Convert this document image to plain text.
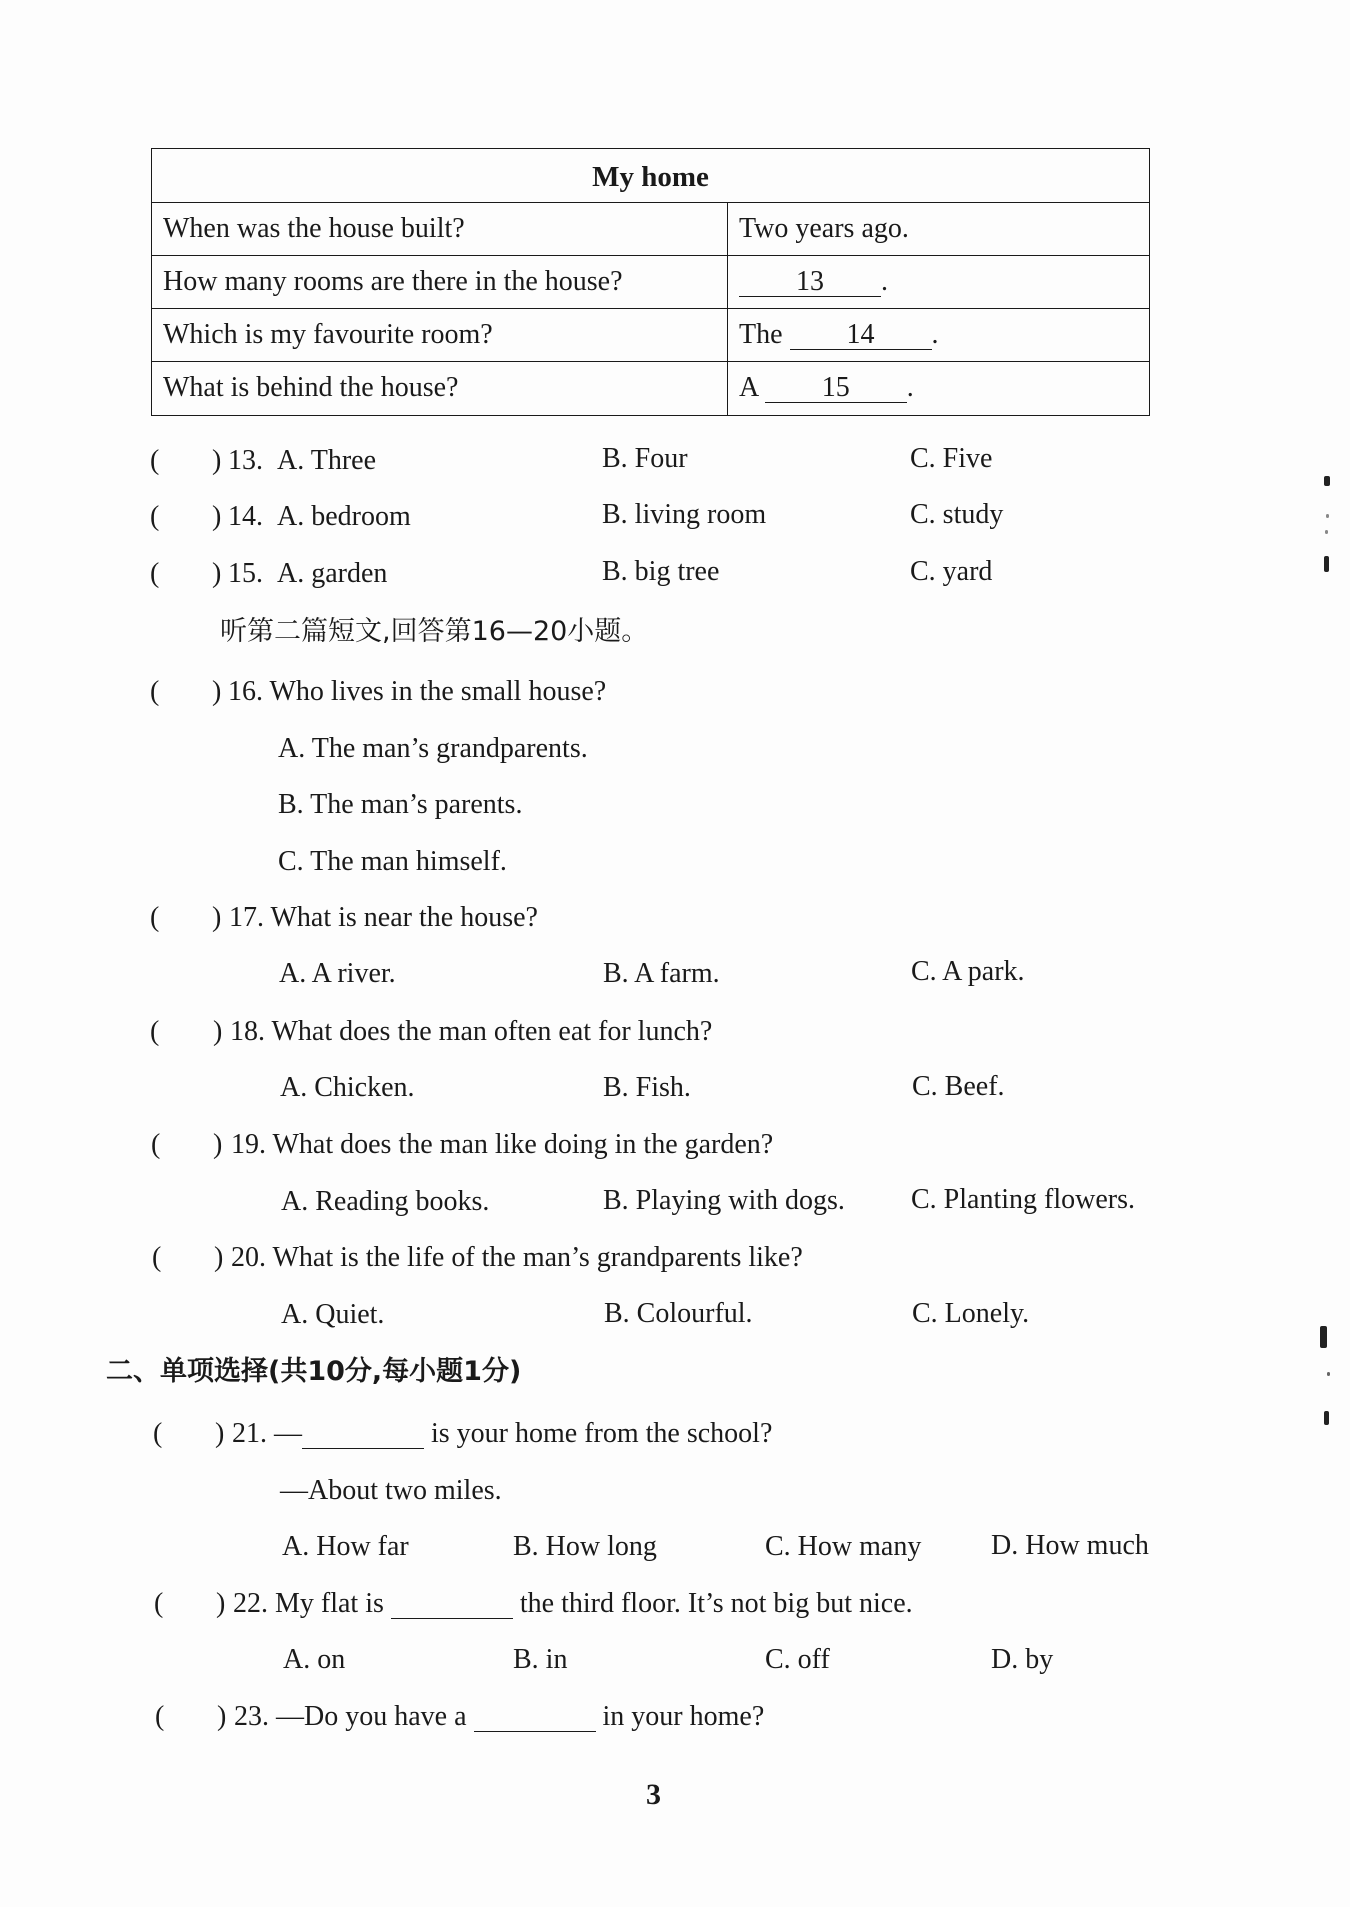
My home
When was the house built?	Two years ago.
How many rooms are there in the house?	13 .
Which is my favourite room?	The 14 .
What is behind the house?	A 15 .
( ) 13. A. Three	B. Four	C. Five
( ) 14. A. bedroom	B. living room	C. study
( ) 15. A. garden	B. big tree	C. yard
听第二篇短文,回答第16—20小题。
( ) 16. Who lives in the small house?
A. The man’s grandparents.
B. The man’s parents.
C. The man himself.
( ) 17. What is near the house?
A. A river.	B. A farm.	C. A park.
( ) 18. What does the man often eat for lunch?
A. Chicken.	B. Fish.	C. Beef.
( ) 19. What does the man like doing in the garden?
A. Reading books.	B. Playing with dogs. C. Planting flowers.
( ) 20. What is the life of the man’s grandparents like?
A. Quiet.	B. Colourful.	C. Lonely.
二、单项选择(共10分,每小题1分)
( ) 21. —	is your home from the school?
—About two miles.
A. How far	B. How long	C. How many D. How much
( ) 22. My flat is	the third floor. It’s not big but nice.
A. on	B. in	C. off	D. by
( ) 23. —Do you have a	in your home?
3
